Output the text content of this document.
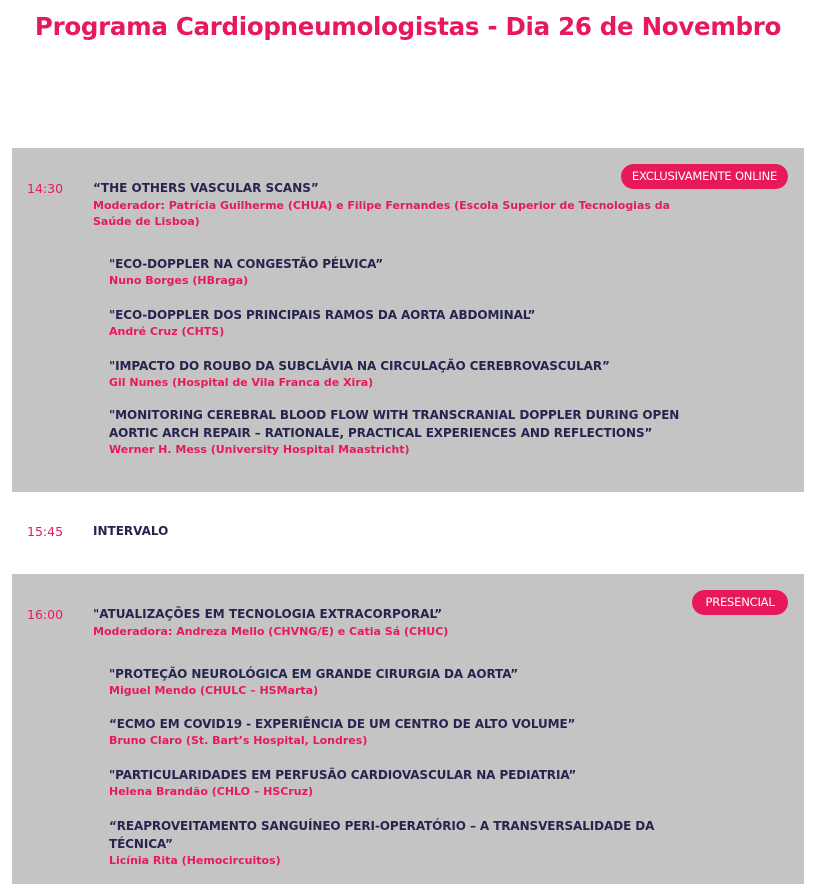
Programa Cardiopneumologistas - Dia 26 de Novembro
EXCLUSIVAMENTE ONLINE
14:30 “THE OTHERS VASCULAR SCANS”
Moderador: Patrícia Guilherme (CHUA) e Filipe Fernandes (Escola Superior de Tecnologias da Saúde de Lisboa)
"ECO-DOPPLER NA CONGESTÃO PÉLVICA”
Nuno Borges (HBraga)
"ECO-DOPPLER DOS PRINCIPAIS RAMOS DA AORTA ABDOMINAL”
André Cruz (CHTS)
"IMPACTO DO ROUBO DA SUBCLÁVIA NA CIRCULAÇÃO CEREBROVASCULAR”
Gil Nunes (Hospital de Vila Franca de Xira)
"MONITORING CEREBRAL BLOOD FLOW WITH TRANSCRANIAL DOPPLER DURING OPEN AORTIC ARCH REPAIR – RATIONALE, PRACTICAL EXPERIENCES AND REFLECTIONS”
Werner H. Mess (University Hospital Maastricht)
15:45 INTERVALO
PRESENCIAL
16:00 "ATUALIZAÇÕES EM TECNOLOGIA EXTRACORPORAL”
Moderadora: Andreza Mello (CHVNG/E) e Catia Sá (CHUC)
"PROTEÇÃO NEUROLÓGICA EM GRANDE CIRURGIA DA AORTA”
Miguel Mendo (CHULC – HSMarta)
“ECMO EM COVID19 - EXPERIÊNCIA DE UM CENTRO DE ALTO VOLUME”
Bruno Claro (St. Bart’s Hospital, Londres)
"PARTICULARIDADES EM PERFUSÃO CARDIOVASCULAR NA PEDIATRIA”
Helena Brandão (CHLO – HSCruz)
“REAPROVEITAMENTO SANGUÍNEO PERI-OPERATÓRIO – A TRANSVERSALIDADE DA TÉCNICA”
Licínia Rita (Hemocircuitos)
